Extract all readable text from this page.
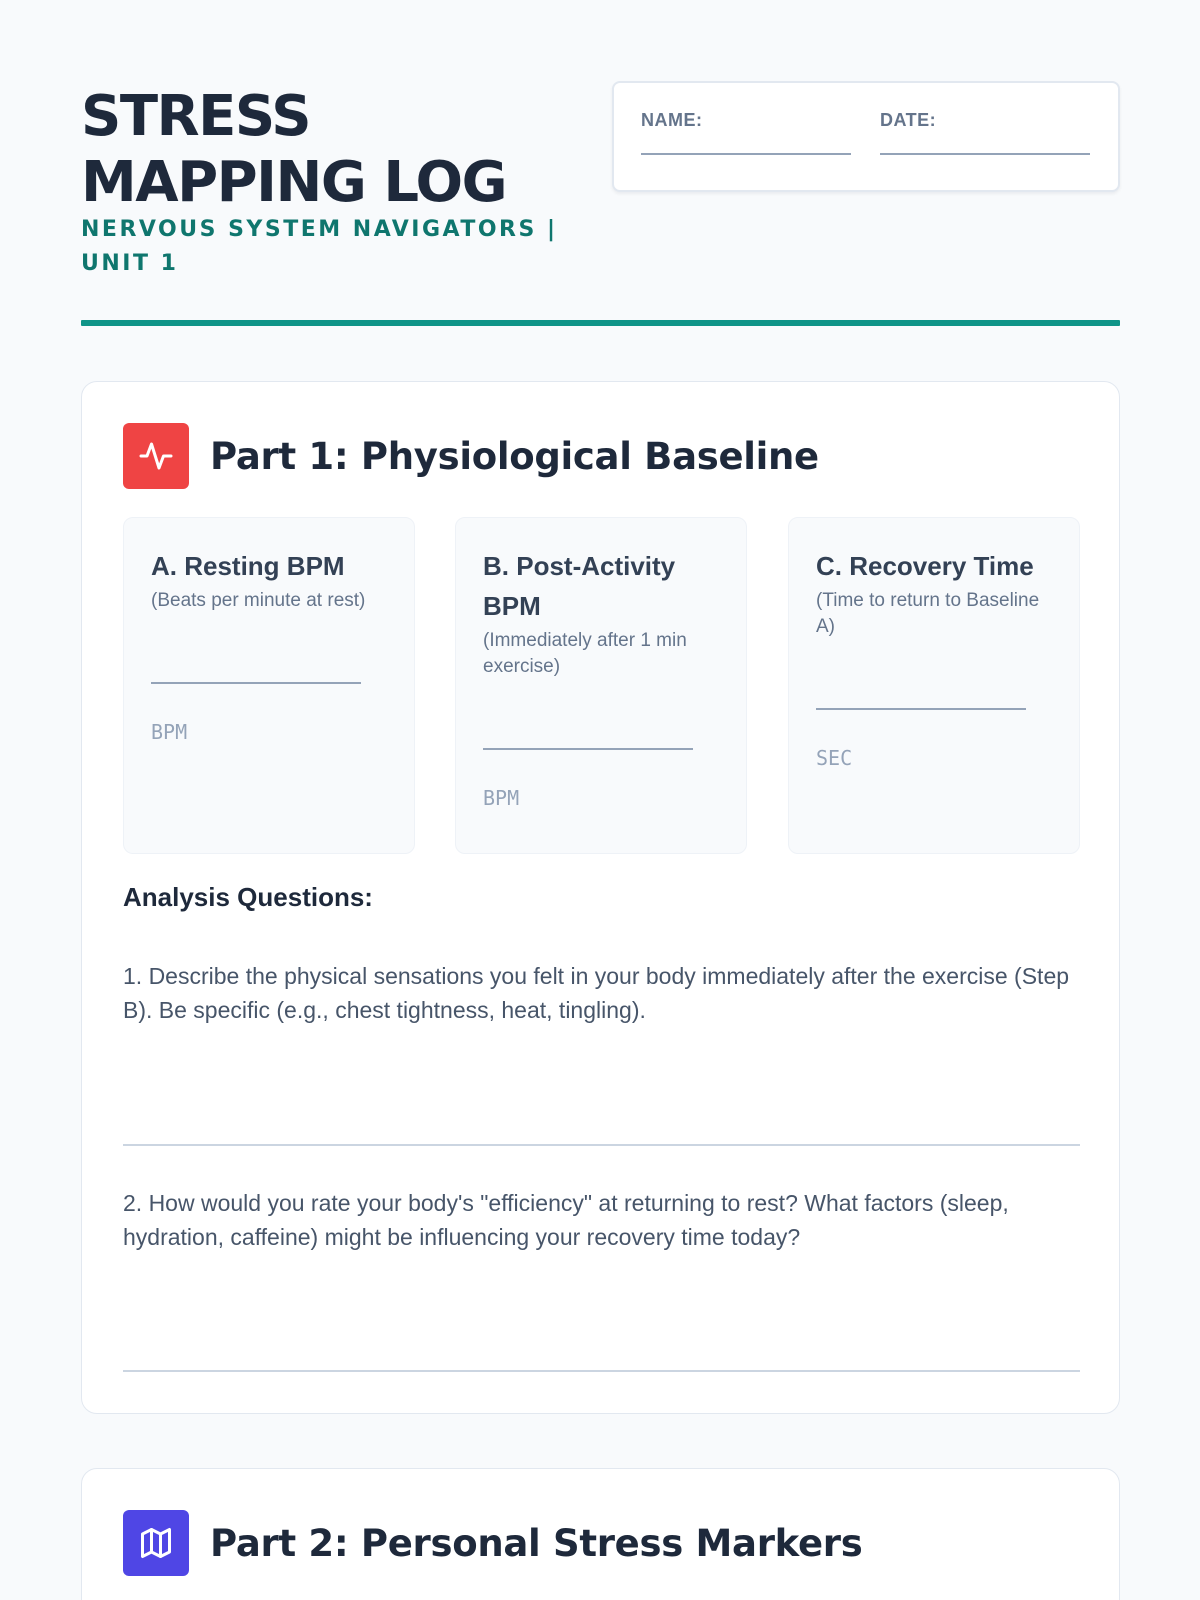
STRESS
MAPPING LOG
NERVOUS SYSTEM NAVIGATORS | UNIT 1
NAME:	DATE:
Part 1: Physiological Baseline
A. Resting BPM
(Beats per minute at rest)
BPM
B. Post-Activity BPM
(Immediately after 1 min exercise)
BPM
C. Recovery Time
(Time to return to Baseline A)
SEC
Analysis Questions:
1. Describe the physical sensations you felt in your body immediately after the exercise (Step B). Be specific (e.g., chest tightness, heat, tingling).
2. How would you rate your body's "efficiency" at returning to rest? What factors (sleep, hydration, caffeine) might be influencing your recovery time today?
Part 2: Personal Stress Markers
